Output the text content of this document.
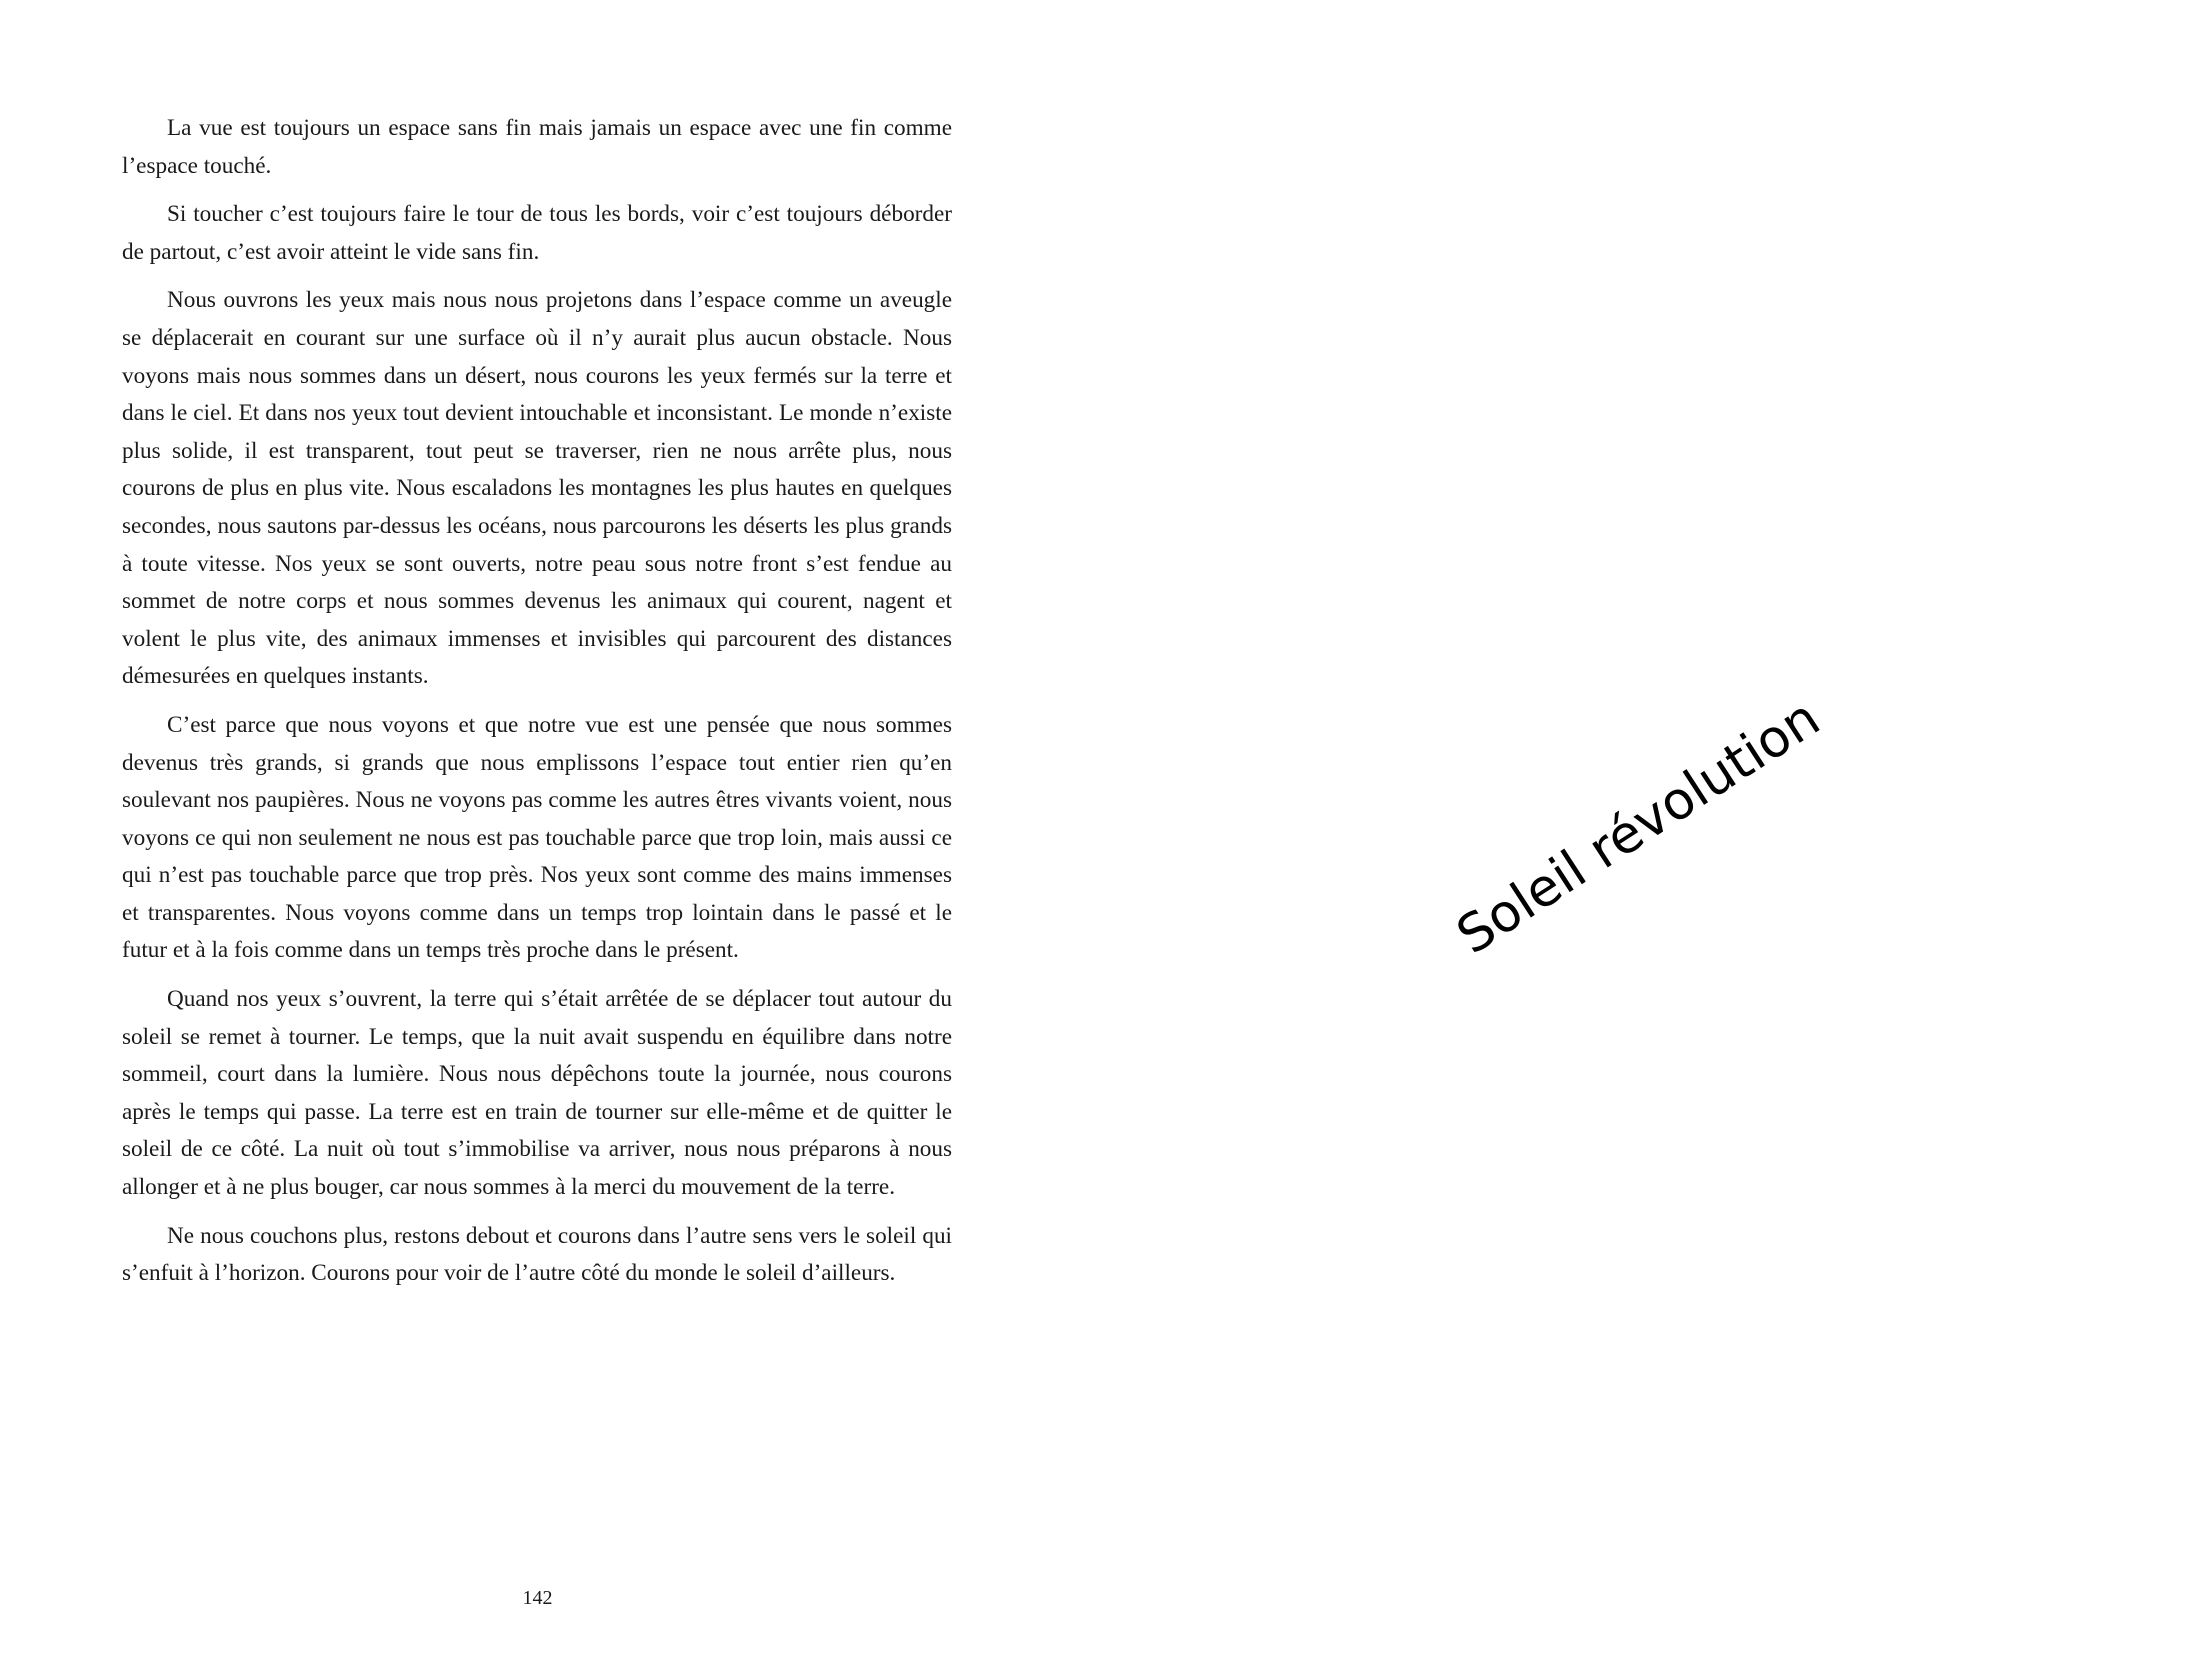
La vue est toujours un espace sans fin mais jamais un espace avec une fin comme l’espace touché.

Si toucher c’est toujours faire le tour de tous les bords, voir c’est toujours déborder de partout, c’est avoir atteint le vide sans fin.

Nous ouvrons les yeux mais nous nous projetons dans l’espace comme un aveugle se déplacerait en courant sur une surface où il n’y aurait plus aucun obstacle. Nous voyons mais nous sommes dans un désert, nous courons les yeux fermés sur la terre et dans le ciel. Et dans nos yeux tout devient intouchable et inconsistant. Le monde n’existe plus solide, il est transparent, tout peut se traverser, rien ne nous arrête plus, nous courons de plus en plus vite. Nous escaladons les montagnes les plus hautes en quelques secondes, nous sautons par-dessus les océans, nous parcourons les déserts les plus grands à toute vitesse. Nos yeux se sont ouverts, notre peau sous notre front s’est fendue au sommet de notre corps et nous sommes devenus les animaux qui courent, nagent et volent le plus vite, des animaux immenses et invisibles qui parcourent des distances démesurées en quelques instants.

C’est parce que nous voyons et que notre vue est une pensée que nous sommes devenus très grands, si grands que nous emplissons l’espace tout entier rien qu’en soulevant nos paupières. Nous ne voyons pas comme les autres êtres vivants voient, nous voyons ce qui non seulement ne nous est pas touchable parce que trop loin, mais aussi ce qui n’est pas touchable parce que trop près. Nos yeux sont comme des mains immenses et transparentes. Nous voyons comme dans un temps trop lointain dans le passé et le futur et à la fois comme dans un temps très proche dans le présent.

Quand nos yeux s’ouvrent, la terre qui s’était arrêtée de se déplacer tout autour du soleil se remet à tourner. Le temps, que la nuit avait suspendu en équilibre dans notre sommeil, court dans la lumière. Nous nous dépêchons toute la journée, nous courons après le temps qui passe. La terre est en train de tourner sur elle-même et de quitter le soleil de ce côté. La nuit où tout s’immobilise va arriver, nous nous préparons à nous allonger et à ne plus bouger, car nous sommes à la merci du mouvement de la terre.

Ne nous couchons plus, restons debout et courons dans l’autre sens vers le soleil qui s’enfuit à l’horizon. Courons pour voir de l’autre côté du monde le soleil d’ailleurs.

142
Soleil révolution
